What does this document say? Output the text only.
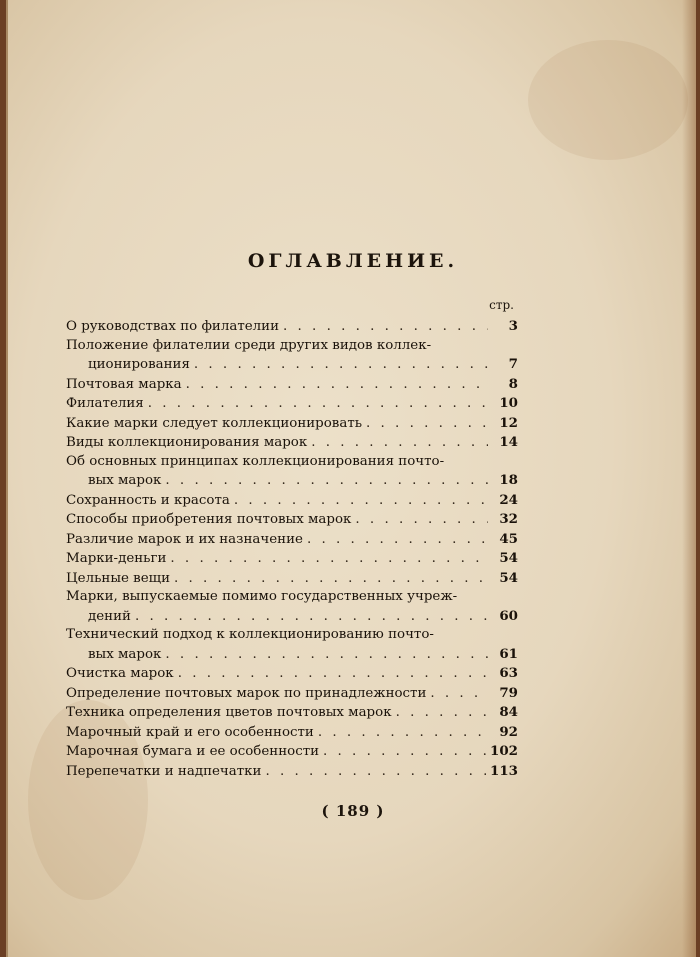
ОГЛАВЛЕНИЕ.
стр.
О руководствах по филателии . . .	3
Положение филателии среди других видов коллек-
ционирования . . .	7
Почтовая марка . . .	8
Филателия . . .	10
Какие марки следует коллекционировать . . .	12
Виды коллекционирования марок . . .	14
Об основных принципах коллекционирования почто-
вых марок . . .	18
Сохранность и красота . . .	24
Способы приобретения почтовых марок . . .	32
Различие марок и их назначение . . .	45
Марки-деньги . . .	54
Цельные вещи . . .	54
Марки, выпускаемые помимо государственных учреж-
дений . . .	60
Технический подход к коллекционированию почто-
вых марок . . .	61
Очистка марок . . .	63
Определение почтовых марок по принадлежности . . .	79
Техника определения цветов почтовых марок . . .	84
Марочный край и его особенности . . .	92
Марочная бумага и ее особенности . . .	102
Перепечатки и надпечатки . . .	113
( 189 )
